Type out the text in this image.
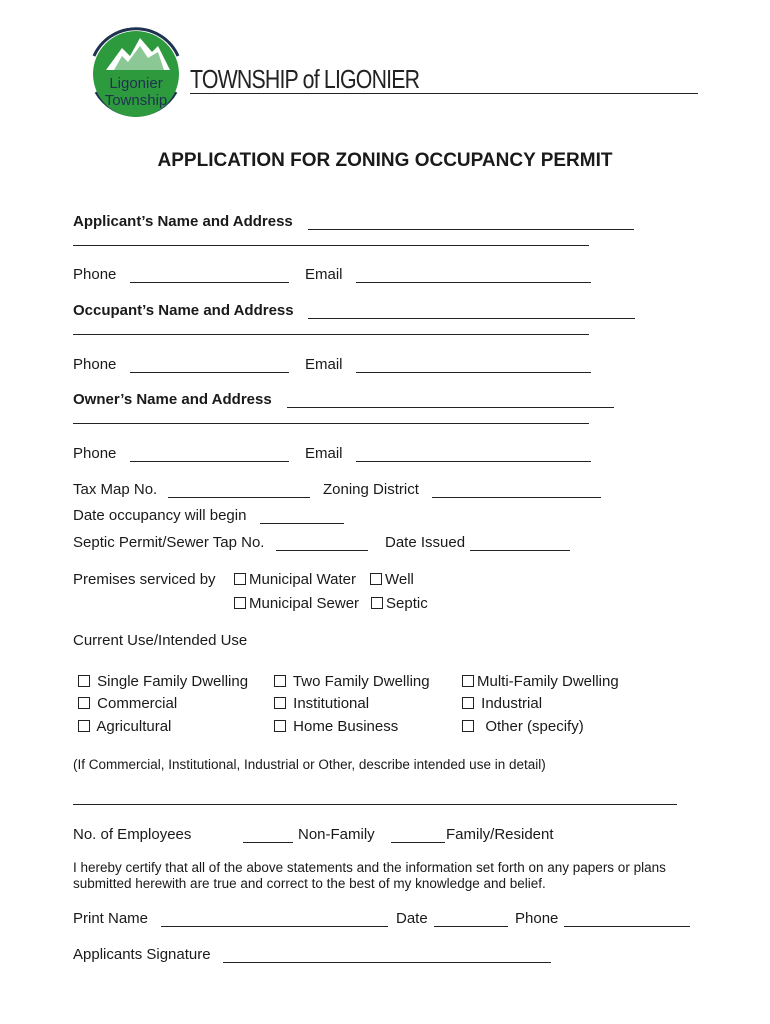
Ligonier
Township
TOWNSHIP of LIGONIER
APPLICATION FOR ZONING OCCUPANCY PERMIT
Applicant’s Name and Address
Phone	Email
Occupant’s Name and Address
Phone	Email
Owner’s Name and Address
Phone	Email
Tax Map No.	Zoning District
Date occupancy will begin
Septic Permit/Sewer Tap No.	Date Issued
Premises serviced by	Municipal Water	Well
Municipal Sewer	Septic
Current Use/Intended Use
Single Family Dwelling	Two Family Dwelling	Multi-Family Dwelling
Commercial	Institutional	Industrial
Agricultural	Home Business	Other (specify)
(If Commercial, Institutional, Industrial or Other, describe intended use in detail)
No. of Employees	Non-Family	Family/Resident
I hereby certify that all of the above statements and the information set forth on any papers or plans
submitted herewith are true and correct to the best of my knowledge and belief.
Print Name	Date	Phone
Applicants Signature
